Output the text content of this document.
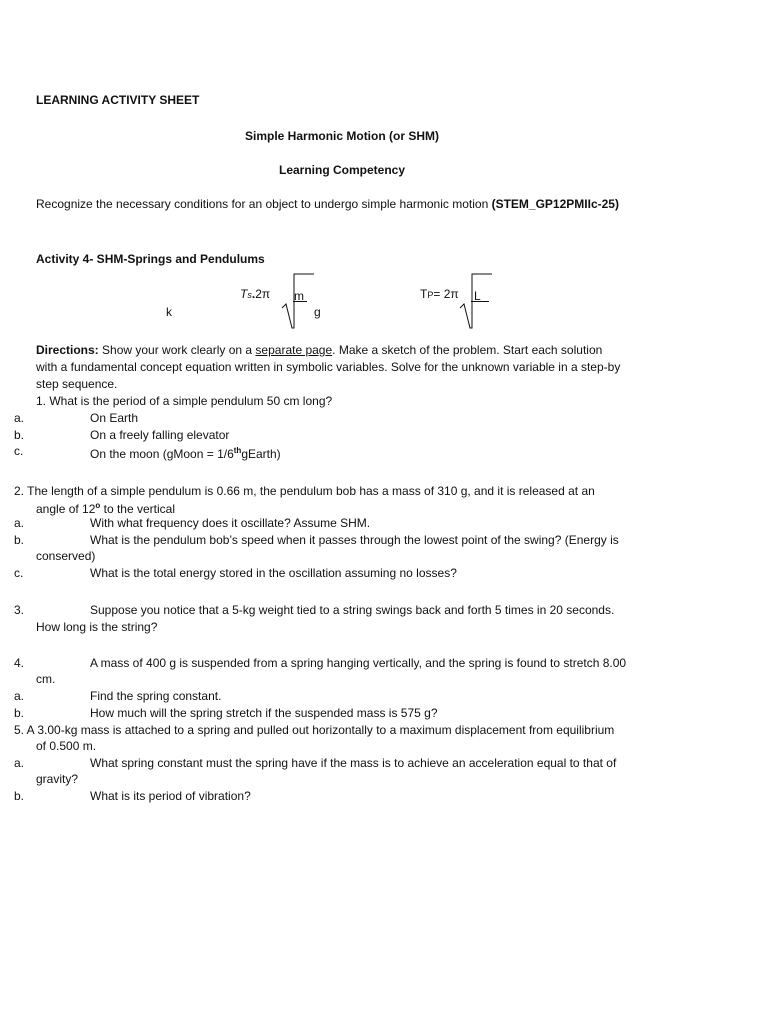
LEARNING ACTIVITY SHEET
Simple Harmonic Motion (or SHM)
Learning Competency
Recognize the necessary conditions for an object to undergo simple harmonic motion (STEM_GP12PMIIc-25)
Activity 4- SHM-Springs and Pendulums
Ts.2π m
k
TP= 2π L
g
Directions: Show your work clearly on a separate page. Make a sketch of the problem. Start each solution
with a fundamental concept equation written in symbolic variables. Solve for the unknown variable in a step-by
step sequence.
1. What is the period of a simple pendulum 50 cm long?
a.	On Earth
b.	On a freely falling elevator
c.	On the moon (gMoon = 1/6thgEarth)
2. The length of a simple pendulum is 0.66 m, the pendulum bob has a mass of 310 g, and it is released at an
angle of 12$^o$ to the vertical
a.	With what frequency does it oscillate? Assume SHM.
b.	What is the pendulum bob’s speed when it passes through the lowest point of the swing? (Energy is
conserved)
c.	What is the total energy stored in the oscillation assuming no losses?
3.	Suppose you notice that a 5-kg weight tied to a string swings back and forth 5 times in 20 seconds.
How long is the string?
4.	A mass of 400 g is suspended from a spring hanging vertically, and the spring is found to stretch 8.00
cm.
a.	Find the spring constant.
b.	How much will the spring stretch if the suspended mass is 575 g?
5. A 3.00-kg mass is attached to a spring and pulled out horizontally to a maximum displacement from equilibrium
of 0.500 m.
a.	What spring constant must the spring have if the mass is to achieve an acceleration equal to that of
gravity?
b.	What is its period of vibration?
